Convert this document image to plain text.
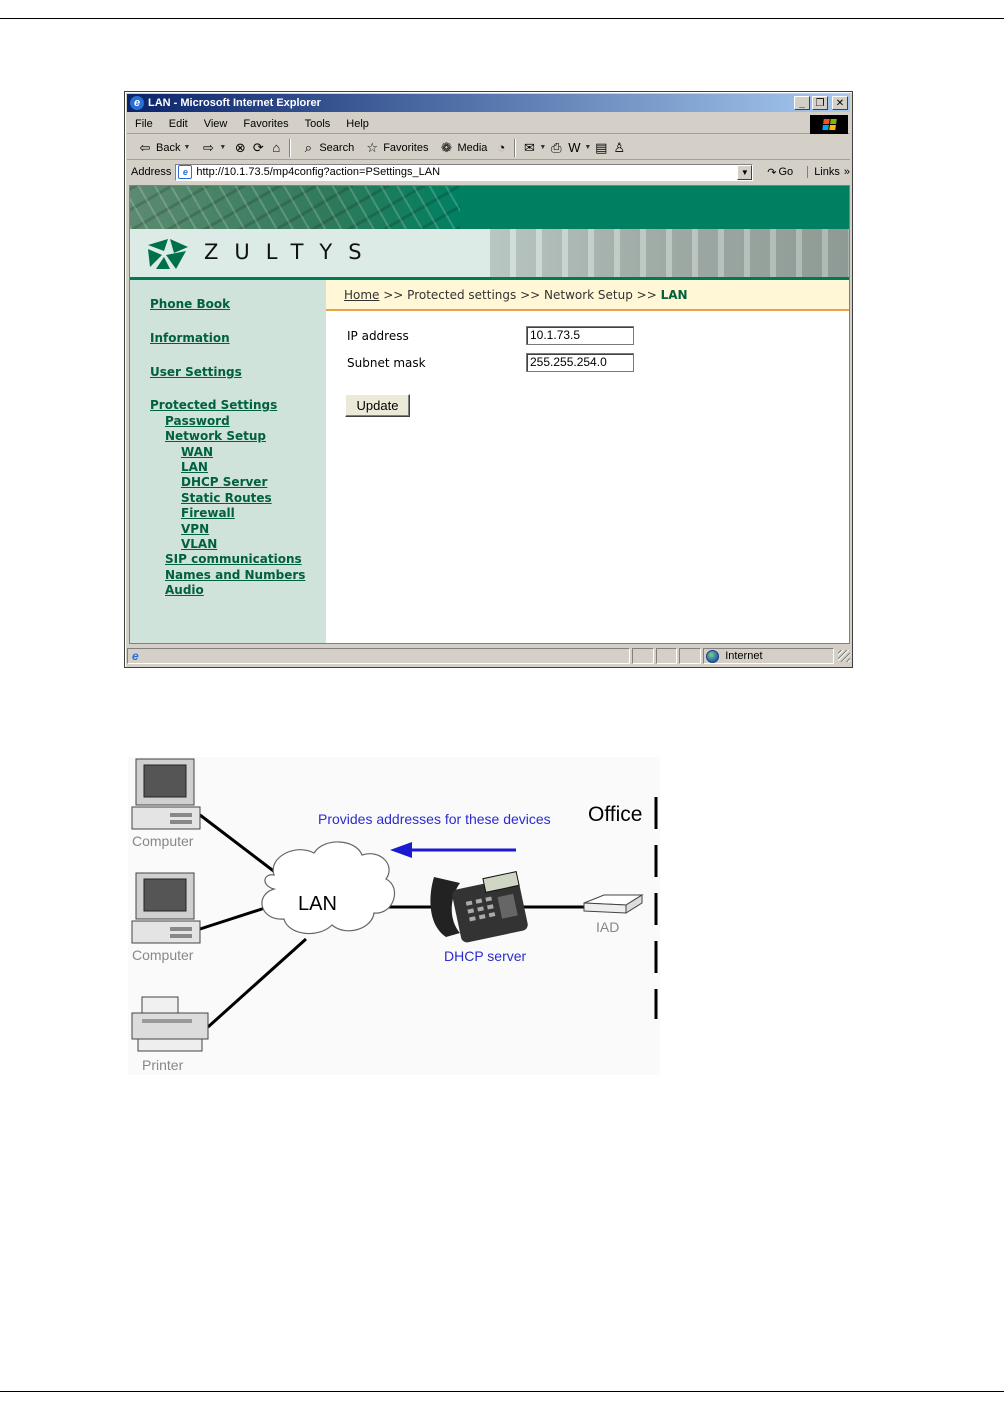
e LAN - Microsoft Internet Explorer	_	❐	✕
File	Edit	View	Favorites	Tools	Help
⇦ Back ▼ ⇨ ▼ ⊗ ⟳ ⌂	⌕ Search ☆ Favorites ❁ Media ◔	✉ ▼ ⎙ W ▼ ▤ ♙
Address	e http://10.1.73.5/mp4config?action=PSettings_LAN	▼	↷ Go Links »
ZULTYS
Phone Book
Information
User Settings
Protected Settings
Password
Network Setup
WAN
LAN
DHCP Server
Static Routes
Firewall
VPN
VLAN
SIP communications
Names and Numbers
Audio
Home >> Protected settings >> Network Setup >> LAN
IP address	10.1.73.5
Subnet mask	255.255.254.0
Update
e	Internet
Computer
Computer
Printer
LAN
Provides addresses for these devices Office
IAD
DHCP server
